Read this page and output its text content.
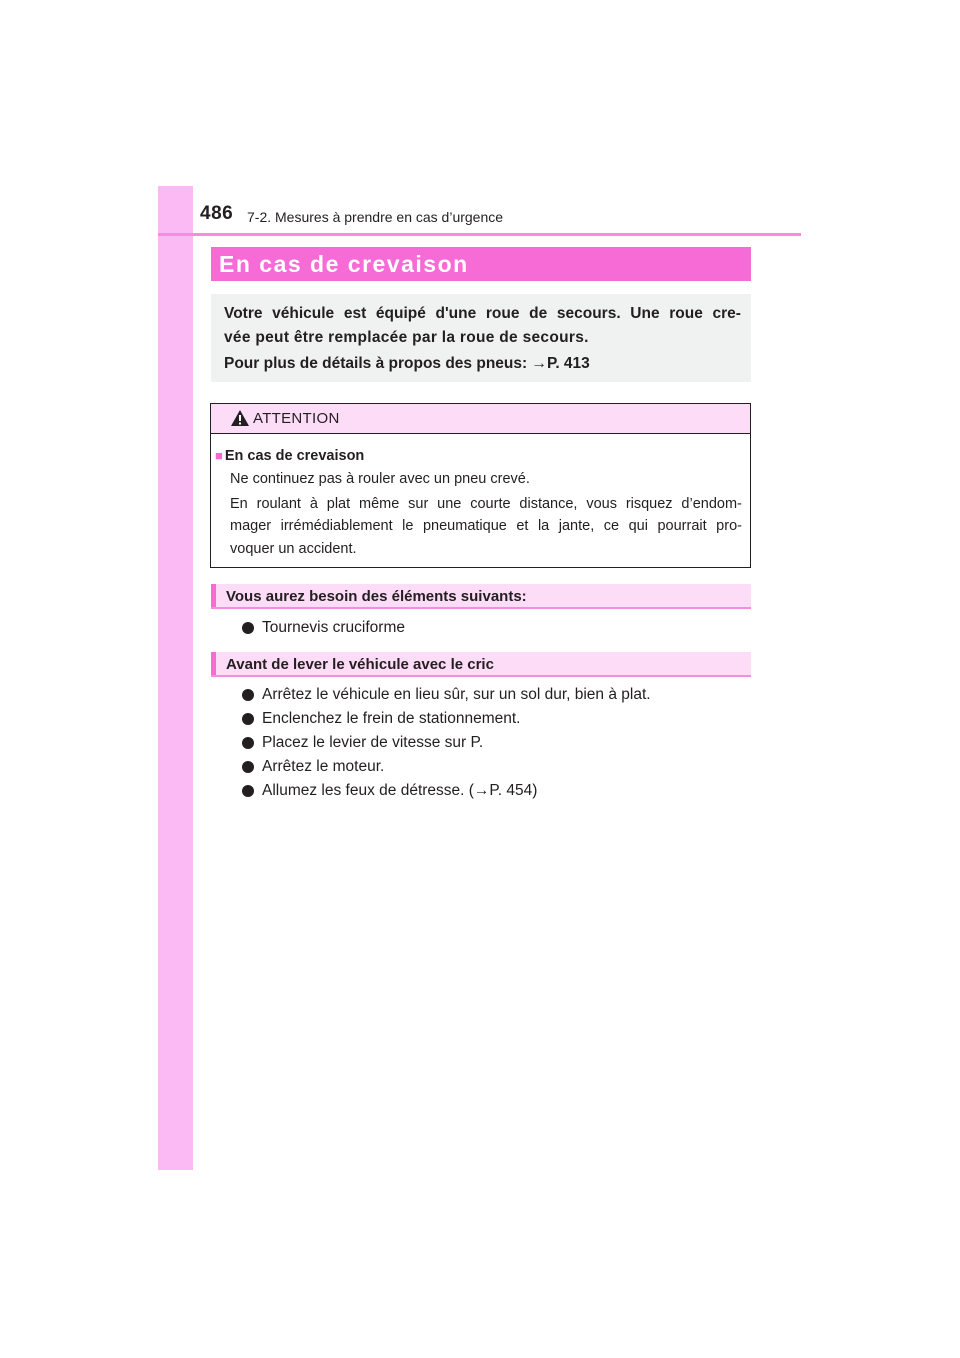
486 7-2. Mesures à prendre en cas d’urgence
En cas de crevaison
Votre véhicule est équipé d'une roue de secours. Une roue cre-
vée peut être remplacée par la roue de secours.
Pour plus de détails à propos des pneus: →P. 413
ATTENTION
■ En cas de crevaison
Ne continuez pas à rouler avec un pneu crevé.
En roulant à plat même sur une courte distance, vous risquez d’endom-
mager irrémédiablement le pneumatique et la jante, ce qui pourrait pro-
voquer un accident.
Vous aurez besoin des éléments suivants:
Tournevis cruciforme
Avant de lever le véhicule avec le cric
Arrêtez le véhicule en lieu sûr, sur un sol dur, bien à plat.
Enclenchez le frein de stationnement.
Placez le levier de vitesse sur P.
Arrêtez le moteur.
Allumez les feux de détresse. (→P. 454)
